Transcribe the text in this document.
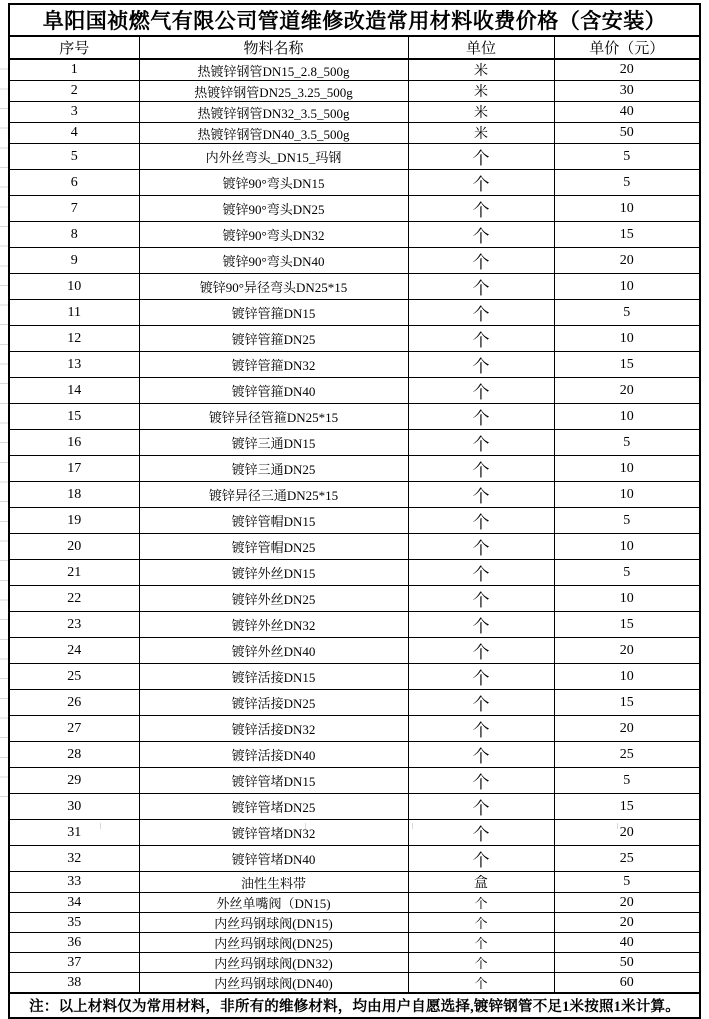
阜阳国祯燃气有限公司管道维修改造常用材料收费价格（含安装）			
序号	物料名称	单位	单价（元）
1	热镀锌钢管DN15_2.8_500g	米	20
2	热镀锌钢管DN25_3.25_500g	米	30
3	热镀锌钢管DN32_3.5_500g	米	40
4	热镀锌钢管DN40_3.5_500g	米	50
5	内外丝弯头_DN15_玛钢	个	5
6	镀锌90°弯头DN15	个	5
7	镀锌90°弯头DN25	个	10
8	镀锌90°弯头DN32	个	15
9	镀锌90°弯头DN40	个	20
10	镀锌90°异径弯头DN25*15	个	10
11	镀锌管箍DN15	个	5
12	镀锌管箍DN25	个	10
13	镀锌管箍DN32	个	15
14	镀锌管箍DN40	个	20
15	镀锌异径管箍DN25*15	个	10
16	镀锌三通DN15	个	5
17	镀锌三通DN25	个	10
18	镀锌异径三通DN25*15	个	10
19	镀锌管帽DN15	个	5
20	镀锌管帽DN25	个	10
21	镀锌外丝DN15	个	5
22	镀锌外丝DN25	个	10
23	镀锌外丝DN32	个	15
24	镀锌外丝DN40	个	20
25	镀锌活接DN15	个	10
26	镀锌活接DN25	个	15
27	镀锌活接DN32	个	20
28	镀锌活接DN40	个	25
29	镀锌管堵DN15	个	5
30	镀锌管堵DN25	个	15
31	镀锌管堵DN32	个	20
32	镀锌管堵DN40	个	25
33	油性生料带	盒	5
34	外丝单嘴阀（DN15)	个	20
35	内丝玛钢球阀(DN15)	个	20
36	内丝玛钢球阀(DN25)	个	40
37	内丝玛钢球阀(DN32)	个	50
38	内丝玛钢球阀(DN40)	个	60
注：以上材料仅为常用材料，非所有的维修材料，均由用户自愿选择,镀锌钢管不足1米按照1米计算。			
